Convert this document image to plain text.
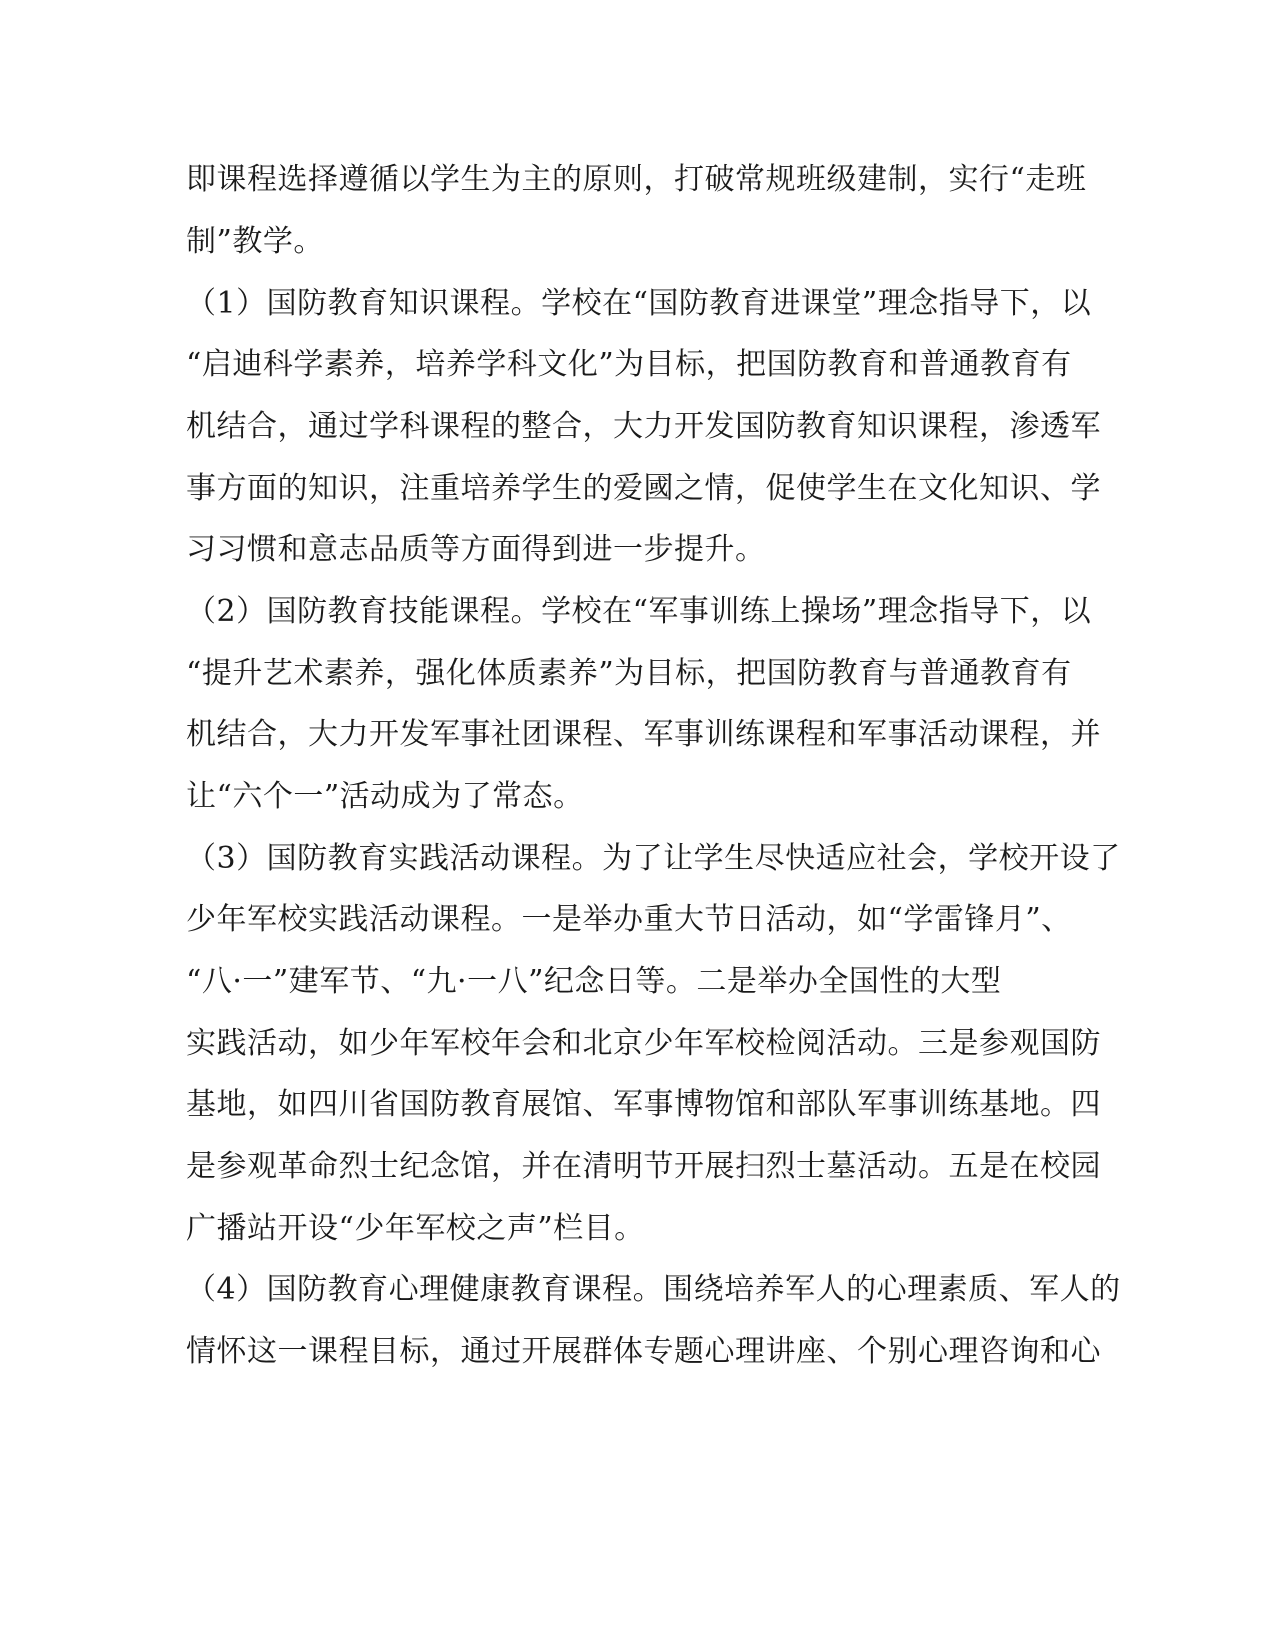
即课程选择遵循以学生为主的原则，打破常规班级建制，实行“走班
制”教学。
（1）国防教育知识课程。学校在“国防教育进课堂”理念指导下，以
“启迪科学素养，培养学科文化”为目标，把国防教育和普通教育有
机结合，通过学科课程的整合，大力开发国防教育知识课程，渗透军
事方面的知识，注重培养学生的爱國之情，促使学生在文化知识、学
习习惯和意志品质等方面得到进一步提升。
（2）国防教育技能课程。学校在“军事训练上操场”理念指导下，以
“提升艺术素养，强化体质素养”为目标，把国防教育与普通教育有
机结合，大力开发军事社团课程、军事训练课程和军事活动课程，并
让“六个一”活动成为了常态。
（3）国防教育实践活动课程。为了让学生尽快适应社会，学校开设了
少年军校实践活动课程。一是举办重大节日活动，如“学雷锋月”、
“八·一”建军节、“九·一八”纪念日等。二是举办全国性的大型
实践活动，如少年军校年会和北京少年军校检阅活动。三是参观国防
基地，如四川省国防教育展馆、军事博物馆和部队军事训练基地。四
是参观革命烈士纪念馆，并在清明节开展扫烈士墓活动。五是在校园
广播站开设“少年军校之声”栏目。
（4）国防教育心理健康教育课程。围绕培养军人的心理素质、军人的
情怀这一课程目标，通过开展群体专题心理讲座、个别心理咨询和心
